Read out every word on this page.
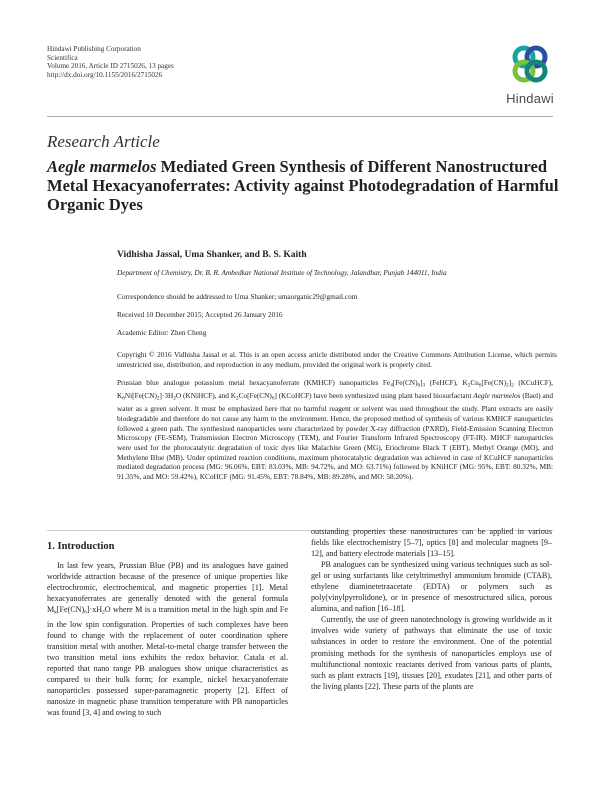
Hindawi Publishing Corporation
Scientifica
Volume 2016, Article ID 2715026, 13 pages
http://dx.doi.org/10.1155/2016/2715026
Hindawi
Research Article
Aegle marmelos Mediated Green Synthesis of Different Nanostructured Metal Hexacyanoferrates: Activity against Photodegradation of Harmful Organic Dyes
Vidhisha Jassal, Uma Shanker, and B. S. Kaith
Department of Chemistry, Dr. B. R. Ambedkar National Institute of Technology, Jalandhar, Punjab 144011, India
Correspondence should be addressed to Uma Shanker; umaorganic29@gmail.com
Received 10 December 2015; Accepted 26 January 2016
Academic Editor: Zhen Cheng
Copyright © 2016 Vidhisha Jassal et al. This is an open access article distributed under the Creative Commons Attribution License, which permits unrestricted use, distribution, and reproduction in any medium, provided the original work is properly cited.
Prussian blue analogue potassium metal hexacyanoferrate (KMHCF) nanoparticles $Fe_4[Fe(CN)_6]_3$ (FeHCF), $K_2Cu_6[Fe(CN)_2]_2$ (KCuHCF), $K_6Ni[Fe(CN)_2]\cdot 3H_2O$ (KNiHCF), and $K_2Co[Fe(CN)_6]$ (KCoHCF) have been synthesized using plant based biosurfactant Aegle marmelos (Bael) and water as a green solvent. It must be emphasized here that no harmful reagent or solvent was used throughout the study. Plant extracts are easily biodegradable and therefore do not cause any harm to the environment. Hence, the proposed method of synthesis of various KMHCF nanoparticles followed a green path. The synthesized nanoparticles were characterized by powder X-ray diffraction (PXRD), Field-Emission Scanning Electron Microscopy (FE-SEM), Transmission Electron Microscopy (TEM), and Fourier Transform Infrared Spectroscopy (FT-IR). MHCF nanoparticles were used for the photocatalytic degradation of toxic dyes like Malachite Green (MG), Eriochrome Black T (EBT), Methyl Orange (MO), and Methylene Blue (MB). Under optimized reaction conditions, maximum photocatalytic degradation was achieved in case of KCuHCF nanoparticles mediated degradation process (MG: 96.06%, EBT: 83.03%, MB: 94.72%, and MO: 63.71%) followed by KNiHCF (MG: 95%, EBT: 80.32%, MB: 91.35%, and MO: 59.42%), KCoHCF (MG: 91.45%, EBT: 78.84%, MB: 89.28%, and MO: 58.20%).
1. Introduction

In last few years, Prussian Blue (PB) and its analogues have gained worldwide attraction because of the presence of unique properties like electrochromic, electrochemical, and magnetic properties [1]. Metal hexacyanoferrates are generally denoted with the general formula $M_k[Fe(CN)_6]\cdot xH_2O$ where M is a transition metal in the high spin and Fe in the low spin configuration. Properties of such complexes have been found to change with the replacement of outer coordination sphere transition metal with another. Metal-to-metal charge transfer between the two transition metal ions exhibits the redox behavior. Catala et al. reported that nano range PB analogues show unique characteristics as compared to their bulk form; for example, nickel hexacyanoferrate nanoparticles possessed super-paramagnetic property [2]. Effect of nanosize in magnetic phase transition temperature with PB nanoparticles was found [3, 4] and owing to such

outstanding properties these nanostructures can be applied in various fields like electrochemistry [5–7], optics [8] and molecular magnets [9–12], and battery electrode materials [13–15].

PB analogues can be synthesized using various techniques such as sol-gel or using surfactants like cetyltrimethyl ammonium bromide (CTAB), ethylene diaminetetraacetate (EDTA) or polymers such as poly(vinylpyrrolidone), or in presence of mesostructured silica, porous alumina, and nafion [16–18].

Currently, the use of green nanotechnology is growing worldwide as it involves wide variety of pathways that eliminate the use of toxic substances in order to restore the environment. One of the potential promising methods for the synthesis of nanoparticles employs use of multifunctional nontoxic reactants derived from various parts of plants, such as plant extracts [19], tissues [20], exudates [21], and other parts of the living plants [22]. These parts of the plants are
